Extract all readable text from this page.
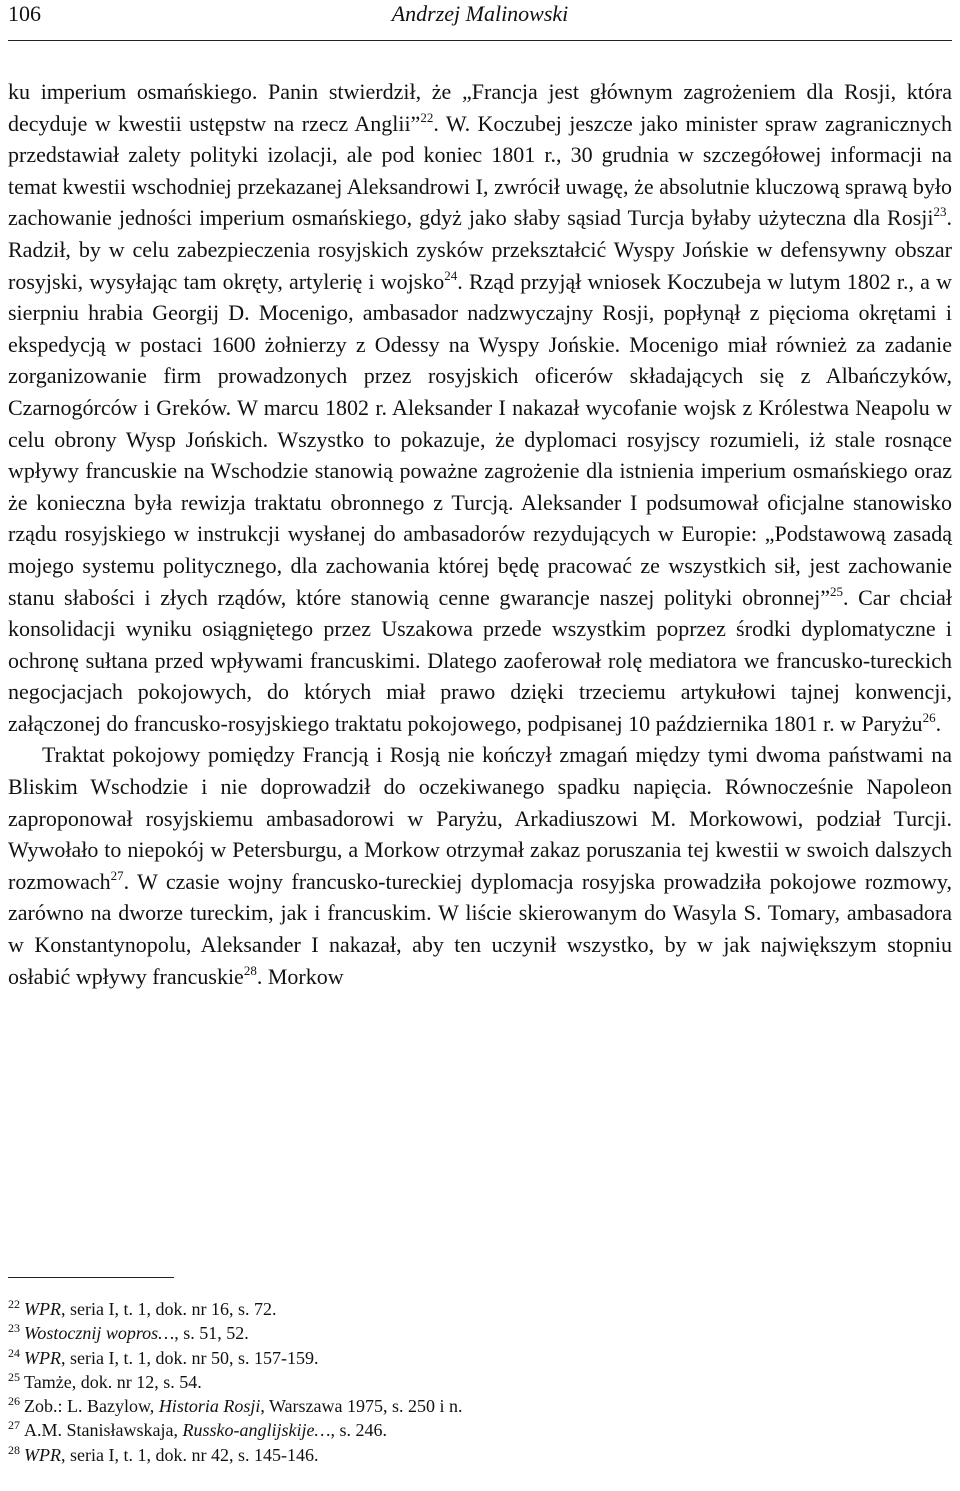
106	Andrzej Malinowski

ku imperium osmańskiego. Panin stwierdził, że „Francja jest głównym zagrożeniem dla Rosji, która decyduje w kwestii ustępstw na rzecz Anglii”$^{22}$. W. Koczubej jeszcze jako minister spraw zagranicznych przedstawiał zalety polityki izolacji, ale pod koniec 1801 r., 30 grudnia w szczegółowej informacji na temat kwestii wschodniej przekazanej Aleksandrowi I, zwrócił uwagę, że absolutnie kluczową sprawą było zachowanie jedności imperium osmańskiego, gdyż jako słaby sąsiad Turcja byłaby użyteczna dla Rosji$^{23}$. Radził, by w celu zabezpieczenia rosyjskich zysków przekształcić Wyspy Jońskie w defensywny obszar rosyjski, wysyłając tam okręty, artylerię i wojsko$^{24}$. Rząd przyjął wniosek Koczubeja w lutym 1802 r., a w sierpniu hrabia Georgij D. Mocenigo, ambasador nadzwyczajny Rosji, popłynął z pięcioma okrętami i ekspedycją w postaci 1600 żołnierzy z Odessy na Wyspy Jońskie. Mocenigo miał również za zadanie zorganizowanie firm prowadzonych przez rosyjskich oficerów składających się z Albańczyków, Czarnogórców i Greków. W marcu 1802 r. Aleksander I nakazał wycofanie wojsk z Królestwa Neapolu w celu obrony Wysp Jońskich. Wszystko to pokazuje, że dyplomaci rosyjscy rozumieli, iż stale rosnące wpływy francuskie na Wschodzie stanowią poważne zagrożenie dla istnienia imperium osmańskiego oraz że konieczna była rewizja traktatu obronnego z Turcją. Aleksander I podsumował oficjalne stanowisko rządu rosyjskiego w instrukcji wysłanej do ambasadorów rezydujących w Europie: „Podstawową zasadą mojego systemu politycznego, dla zachowania której będę pracować ze wszystkich sił, jest zachowanie stanu słabości i złych rządów, które stanowią cenne gwarancje naszej polityki obronnej”$^{25}$. Car chciał konsolidacji wyniku osiągniętego przez Uszakowa przede wszystkim poprzez środki dyplomatyczne i ochronę sułtana przed wpływami francuskimi. Dlatego zaoferował rolę mediatora we francusko-tureckich negocjacjach pokojowych, do których miał prawo dzięki trzeciemu artykułowi tajnej konwencji, załączonej do francusko-rosyjskiego traktatu pokojowego, podpisanej 10 października 1801 r. w Paryżu$^{26}$.

Traktat pokojowy pomiędzy Francją i Rosją nie kończył zmagań między tymi dwoma państwami na Bliskim Wschodzie i nie doprowadził do oczekiwanego spadku napięcia. Równocześnie Napoleon zaproponował rosyjskiemu ambasadorowi w Paryżu, Arkadiuszowi M. Morkowowi, podział Turcji. Wywołało to niepokój w Petersburgu, a Morkow otrzymał zakaz poruszania tej kwestii w swoich dalszych rozmowach$^{27}$. W czasie wojny francusko-tureckiej dyplomacja rosyjska prowadziła pokojowe rozmowy, zarówno na dworze tureckim, jak i francuskim. W liście skierowanym do Wasyla S. Tomary, ambasadora w Konstantynopolu, Aleksander I nakazał, aby ten uczynił wszystko, by w jak największym stopniu osłabić wpływy francuskie$^{28}$. Morkow

$^{22}$ WPR, seria I, t. 1, dok. nr 16, s. 72.
$^{23}$ Wostocznij wopros…, s. 51, 52.
$^{24}$ WPR, seria I, t. 1, dok. nr 50, s. 157-159.
$^{25}$ Tamże, dok. nr 12, s. 54.
$^{26}$ Zob.: L. Bazylow, Historia Rosji, Warszawa 1975, s. 250 i n.
$^{27}$ A.M. Stanisławskaja, Russko-anglijskije…, s. 246.
$^{28}$ WPR, seria I, t. 1, dok. nr 42, s. 145-146.
